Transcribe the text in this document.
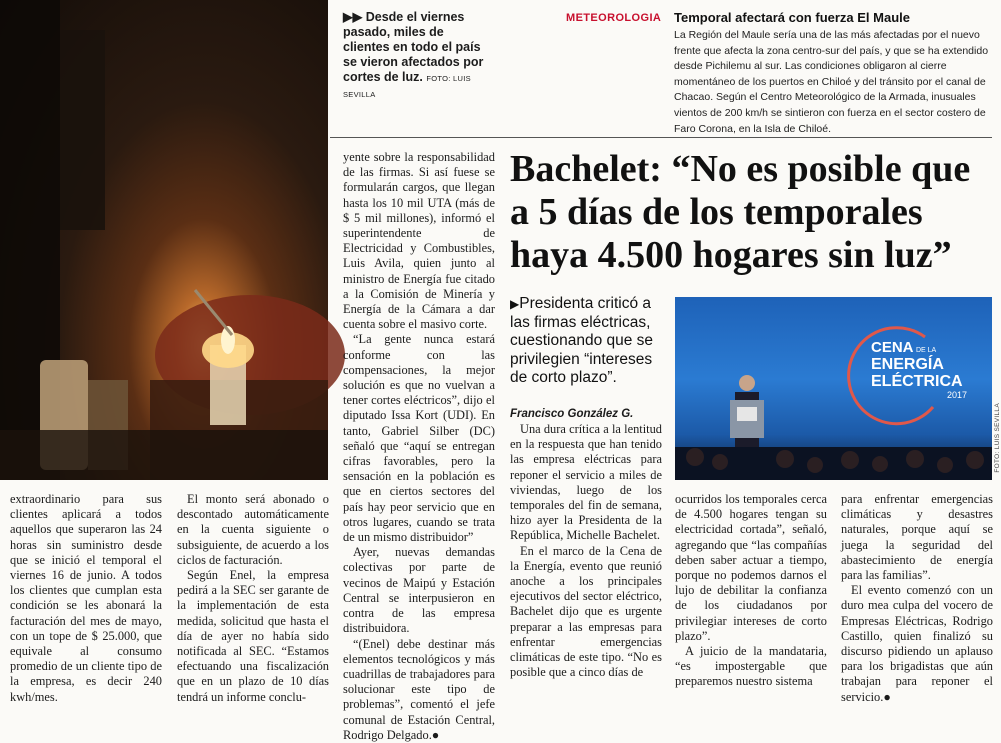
▶▶ Desde el viernes pasado, miles de clientes en todo el país se vieron afectados por cortes de luz. FOTO: LUIS SEVILLA
METEOROLOGIA Temporal afectará con fuerza El Maule
La Región del Maule sería una de las más afectadas por el nuevo frente que afecta la zona centro-sur del país, y que se ha extendido desde Pichilemu al sur. Las condiciones obligaron al cierre momentáneo de los puertos en Chiloé y del tránsito por el canal de Chacao. Según el Centro Meteorológico de la Armada, inusuales vientos de 200 km/h se sintieron con fuerza en el sector costero de Faro Corona, en la Isla de Chiloé.
Bachelet: “No es posible que a 5 días de los temporales haya 4.500 hogares sin luz”
▶Presidenta criticó a las firmas eléctricas, cuestionando que se privilegien “intereses de corto plazo”.
Francisco González G.
CENA DE LA
ENERGÍA
ELÉCTRICA
2017
FOTO: LUIS SEVILLA

extraordinario para sus clientes aplicará a todos aquellos que superaron las 24 horas sin suministro desde que se inició el temporal el viernes 16 de junio. A todos los clientes que cumplan esta condición se les abonará la facturación del mes de mayo, con un tope de $ 25.000, que equivale al consumo promedio de un cliente tipo de la empresa, es decir 240 kwh/mes.

El monto será abonado o descontado automáticamente en la cuenta siguiente o subsiguiente, de acuerdo a los ciclos de facturación.

Según Enel, la empresa pedirá a la SEC ser garante de la implementación de esta medida, solicitud que hasta el día de ayer no había sido notificada al SEC. “Estamos efectuando una fiscalización que en un plazo de 10 días tendrá un informe conclu-

yente sobre la responsabilidad de las firmas. Si así fuese se formularán cargos, que llegan hasta los 10 mil UTA (más de $ 5 mil millones), informó el superintendente de Electricidad y Combustibles, Luis Avila, quien junto al ministro de Energía fue citado a la Comisión de Minería y Energía de la Cámara a dar cuenta sobre el masivo corte.

“La gente nunca estará conforme con las compensaciones, la mejor solución es que no vuelvan a tener cortes eléctricos”, dijo el diputado Issa Kort (UDI). En tanto, Gabriel Silber (DC) señaló que “aquí se entregan cifras favorables, pero la sensación en la población es que en ciertos sectores del país hay peor servicio que en otros lugares, cuando se trata de un mismo distribuidor”

Ayer, nuevas demandas colectivas por parte de vecinos de Maipú y Estación Central se interpusieron en contra de las empresa distribuidora.

“(Enel) debe destinar más elementos tecnológicos y más cuadrillas de trabajadores para solucionar este tipo de problemas”, comentó el jefe comunal de Estación Central, Rodrigo Delgado.●

Una dura crítica a la lentitud en la respuesta que han tenido las empresa eléctricas para reponer el servicio a miles de viviendas, luego de los temporales del fin de semana, hizo ayer la Presidenta de la República, Michelle Bachelet.

En el marco de la Cena de la Energía, evento que reunió anoche a los principales ejecutivos del sector eléctrico, Bachelet dijo que es urgente preparar a las empresas para enfrentar emergencias climáticas de este tipo. “No es posible que a cinco días de

ocurridos los temporales cerca de 4.500 hogares tengan su electricidad cortada”, señaló, agregando que “las compañías deben saber actuar a tiempo, porque no podemos darnos el lujo de debilitar la confianza de los ciudadanos por privilegiar intereses de corto plazo”.

A juicio de la mandataria, “es impostergable que preparemos nuestro sistema

para enfrentar emergencias climáticas y desastres naturales, porque aquí se juega la seguridad del abastecimiento de energía para las familias”.

El evento comenzó con un duro mea culpa del vocero de Empresas Eléctricas, Rodrigo Castillo, quien finalizó su discurso pidiendo un aplauso para los brigadistas que aún trabajan para reponer el servicio.●
